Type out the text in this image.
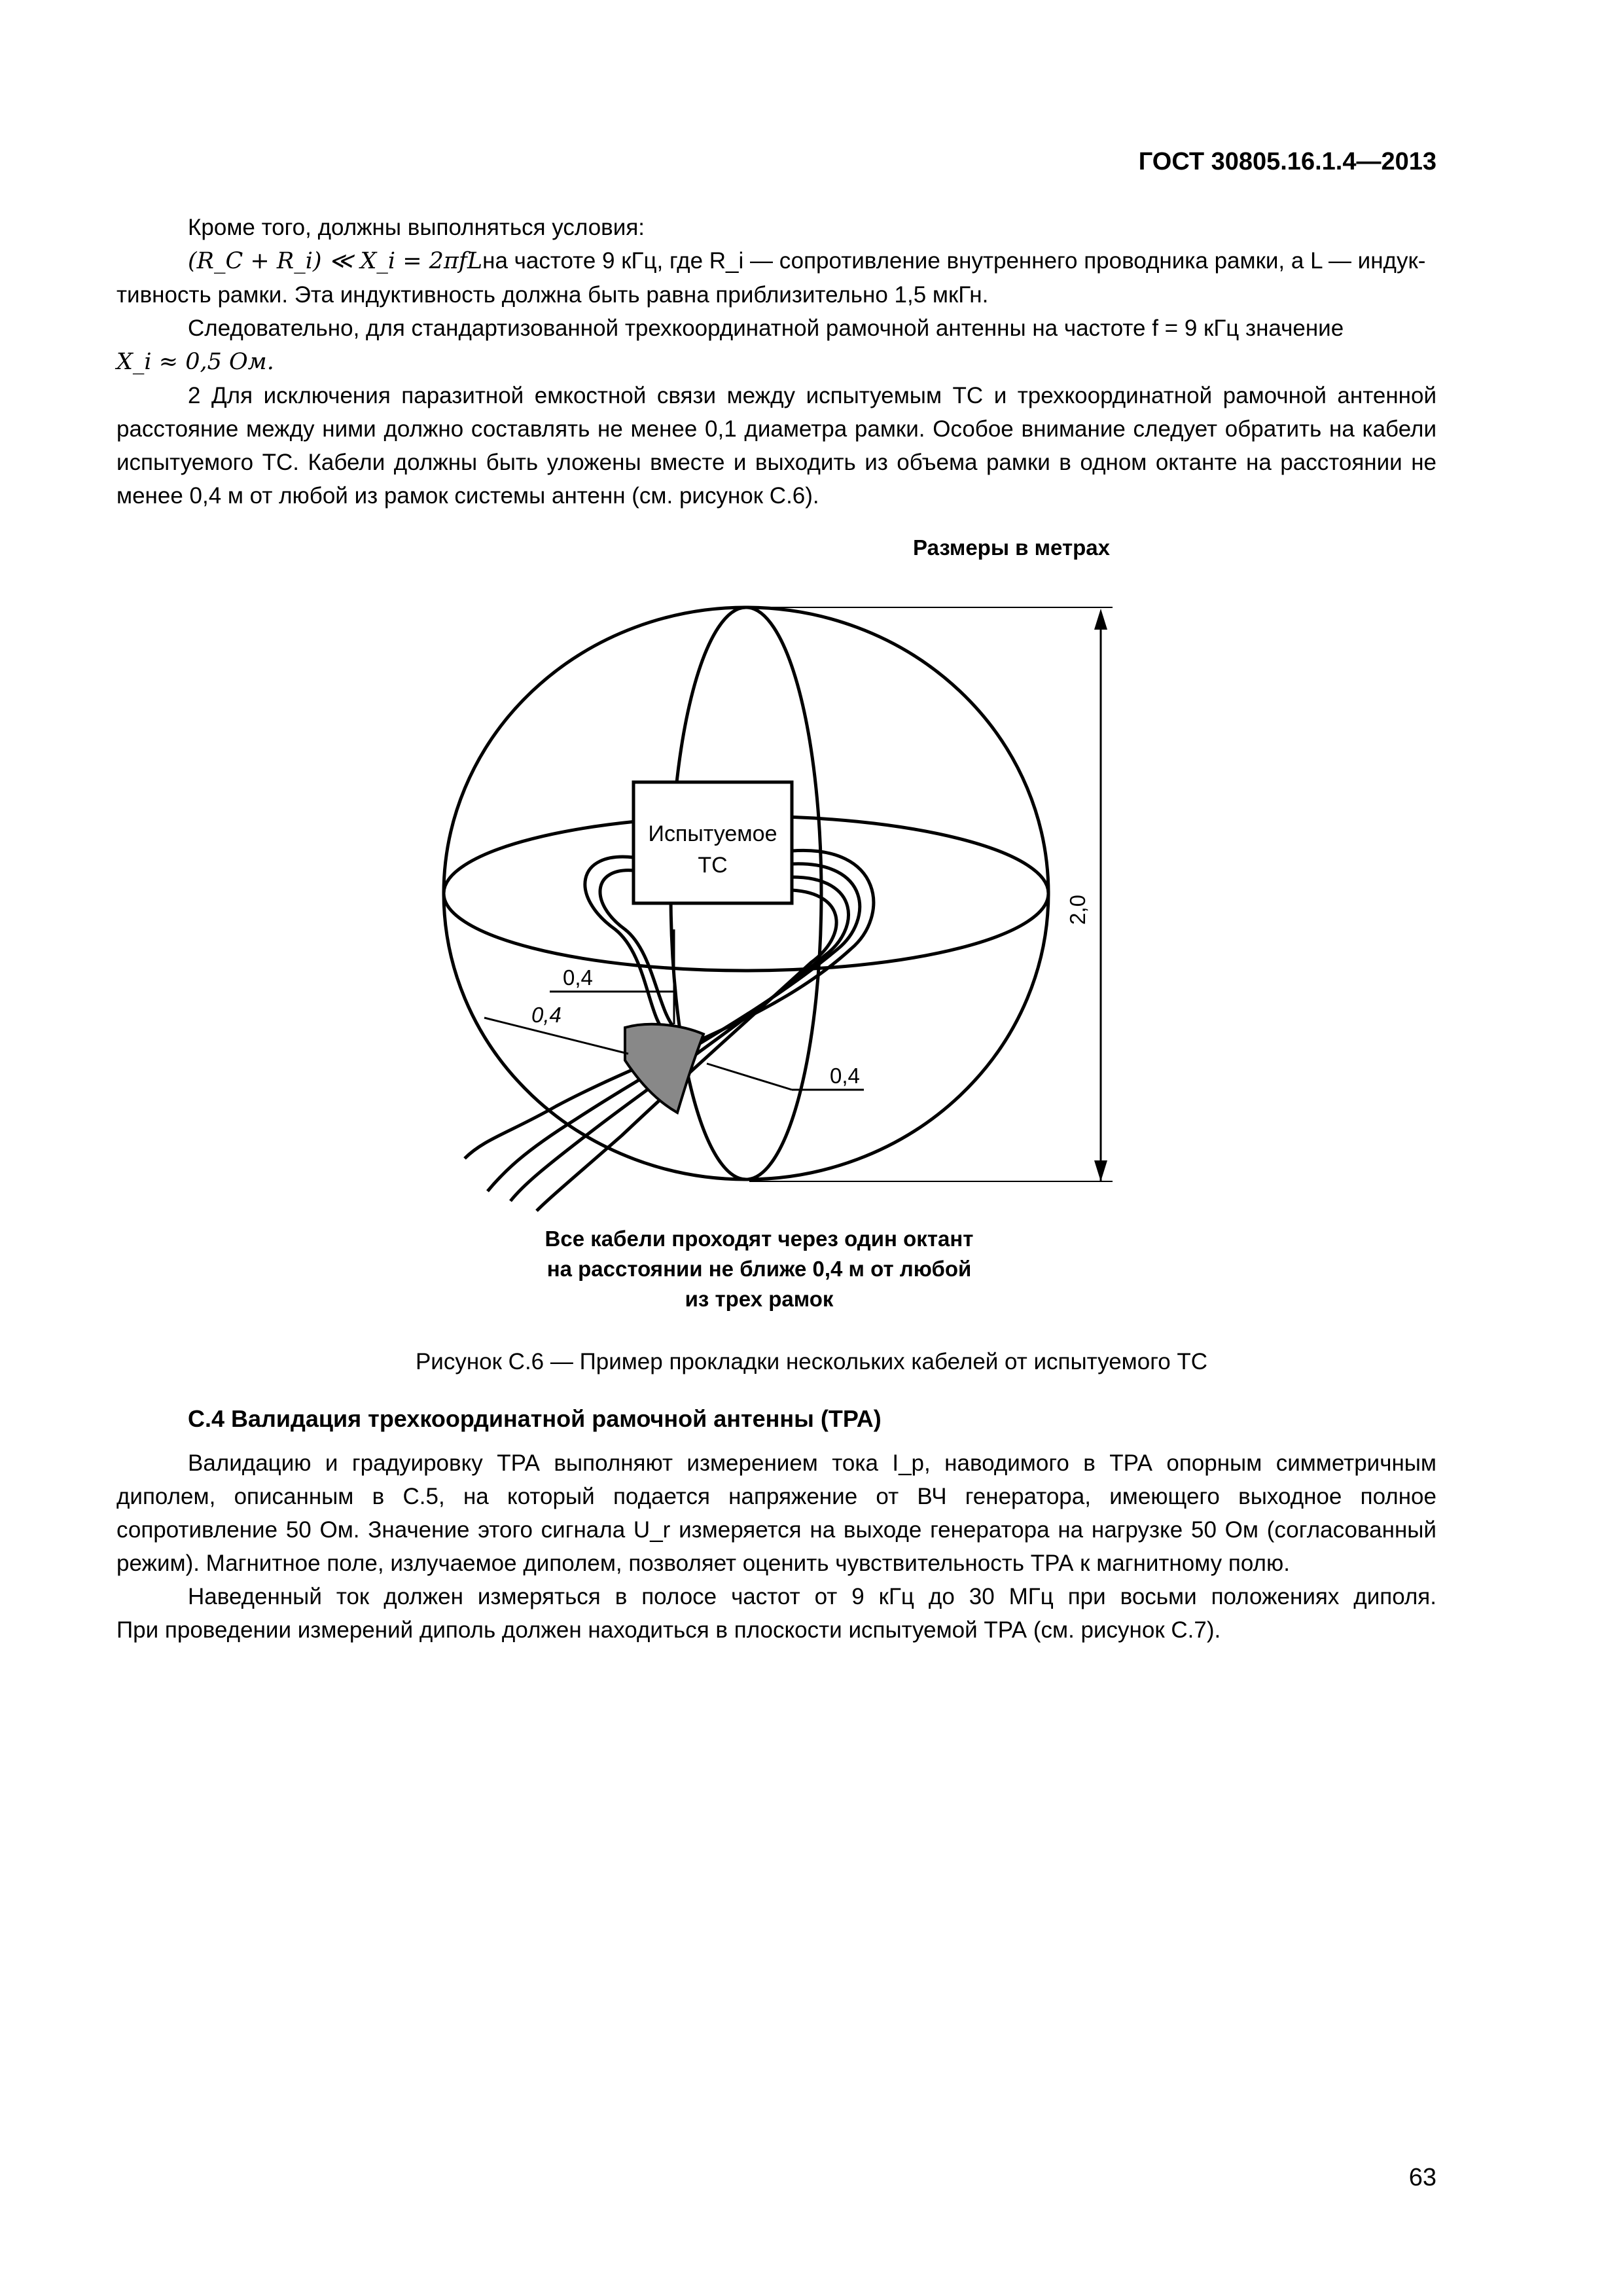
ГОСТ 30805.16.1.4—2013

Кроме того, должны выполняться условия:

(R_C + R_i) ≪ X_i = 2πfLна частоте 9 кГц, где R_i — сопротивление внутреннего проводника рамки, а L — индук-

тивность рамки. Эта индуктивность должна быть равна приблизительно 1,5 мкГн.

Следовательно, для стандартизованной трехкоординатной рамочной антенны на частоте f = 9 кГц значение

X_i ≈ 0,5 Ом.

2 Для исключения паразитной емкостной связи между испытуемым ТС и трехкоординатной рамочной антенной расстояние между ними должно составлять не менее 0,1 диаметра рамки. Особое внимание следует обратить на кабели испытуемого ТС. Кабели должны быть уложены вместе и выходить из объема рамки в одном октанте на расстоянии не менее 0,4 м от любой из рамок системы антенн (см. рисунок С.6).

Размеры в метрах
Испытуемое
ТС
0,4
0,4
0,4
2,0
Все кабели проходят через один октант
на расстоянии не ближе 0,4 м от любой
из трех рамок
Рисунок С.6 — Пример прокладки нескольких кабелей от испытуемого ТС
С.4 Валидация трехкоординатной рамочной антенны (ТРА)

Валидацию и градуировку ТРА выполняют измерением тока I_p, наводимого в ТРА опорным симметричным диполем, описанным в С.5, на который подается напряжение от ВЧ генератора, имеющего выходное полное сопротивление 50 Ом. Значение этого сигнала U_r измеряется на выходе генератора на нагрузке 50 Ом (согласованный режим). Магнитное поле, излучаемое диполем, позволяет оценить чувствительность ТРА к магнитному полю.

Наведенный ток должен измеряться в полосе частот от 9 кГц до 30 МГц при восьми положениях диполя.

При проведении измерений диполь должен находиться в плоскости испытуемой ТРА (см. рисунок С.7).

63
